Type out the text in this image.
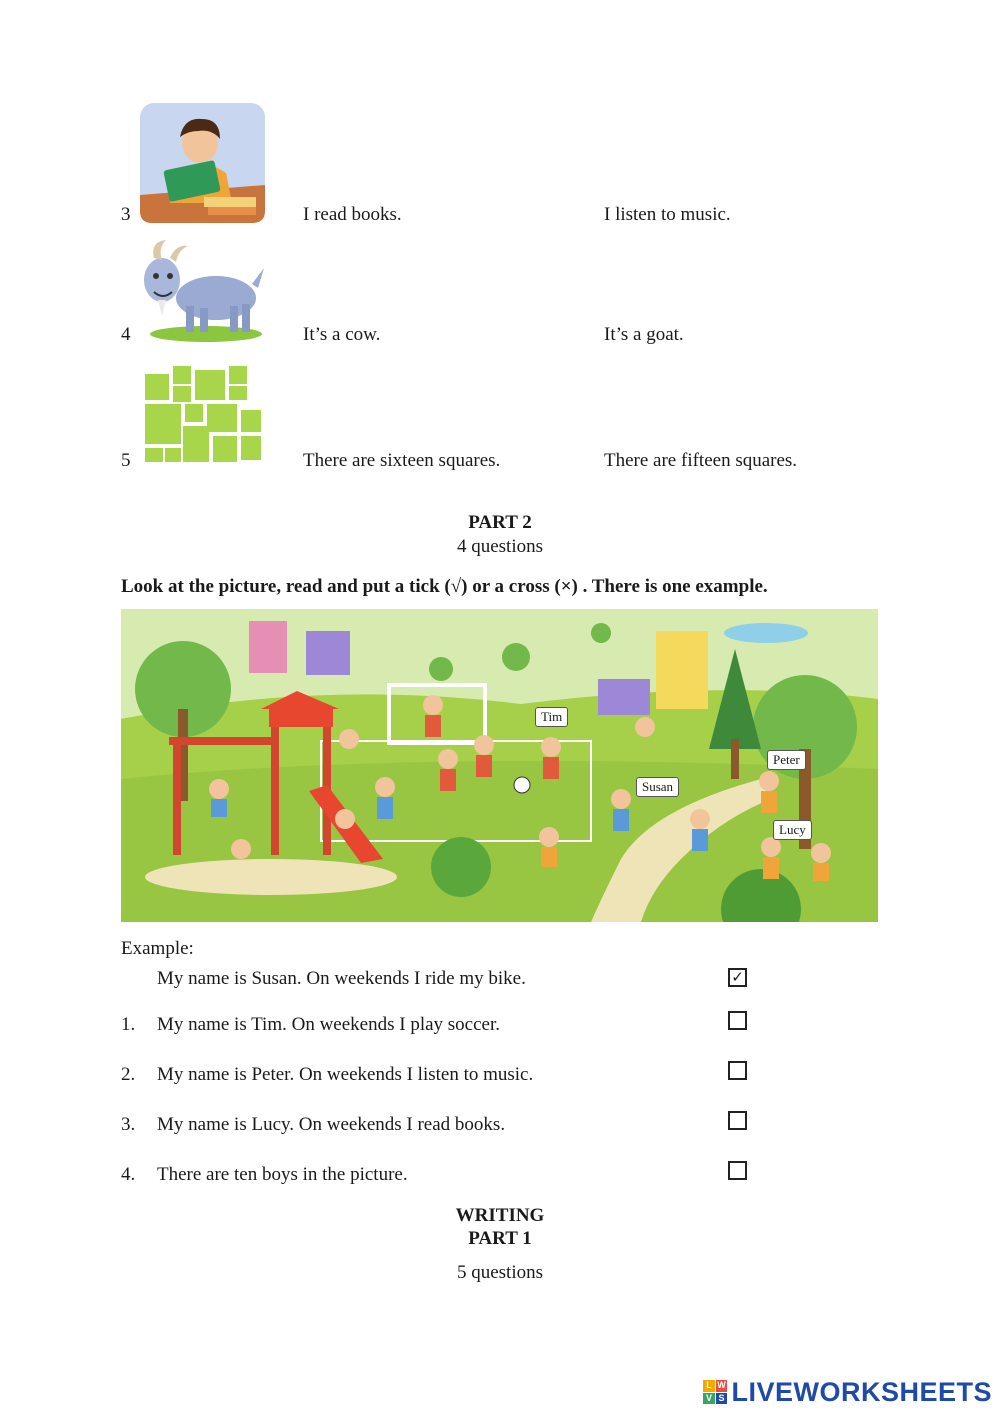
3	I read books.	I listen to music.
4	It’s a cow.	It’s a goat.
5	There are sixteen squares.	There are fifteen squares.
PART 2
4 questions
Look at the picture, read and put a tick (√) or a cross (×) . There is one example.
Tim
Peter
Susan
Lucy
Example:
My name is Susan. On weekends I ride my bike.	✓
1. My name is Tim. On weekends I play soccer.
2. My name is Peter. On weekends I listen to music.
3. My name is Lucy. On weekends I read books.
4. There are ten boys in the picture.
WRITING
PART 1
5 questions
L W
V S LIVEWORKSHEETS
